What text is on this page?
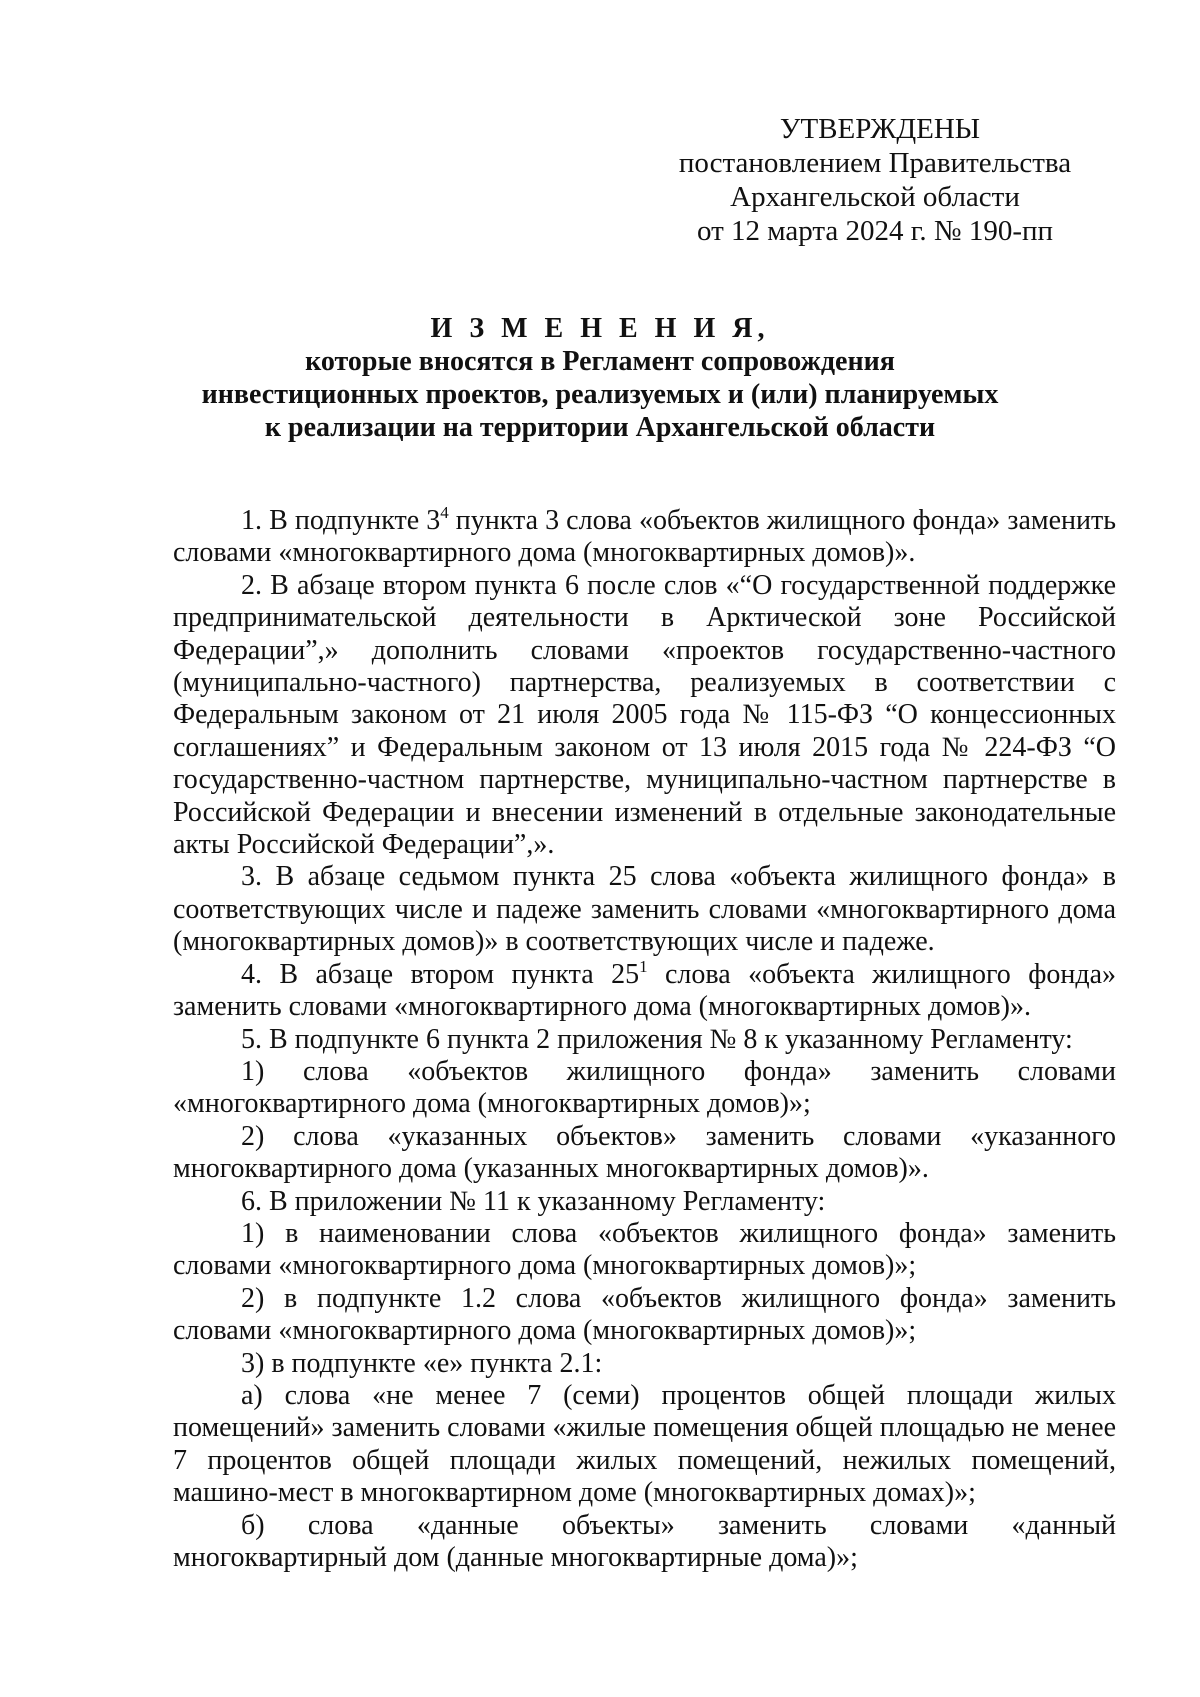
УТВЕРЖДЕНЫ
постановлением Правительства
Архангельской области
от 12 марта 2024 г. № 190-пп
И З М Е Н Е Н И Я,
которые вносятся в Регламент сопровождения
инвестиционных проектов, реализуемых и (или) планируемых
к реализации на территории Архангельской области

1. В подпункте $3^4$ пункта 3 слова «объектов жилищного фонда» заменить словами «многоквартирного дома (многоквартирных домов)».

2. В абзаце втором пункта 6 после слов «“О государственной поддержке предпринимательской деятельности в Арктической зоне Российской Федерации”,» дополнить словами «проектов государственно-частного (муниципально-частного) партнерства, реализуемых в соответствии с Федеральным законом от 21 июля 2005 года № 115-ФЗ “О концессионных соглашениях” и Федеральным законом от 13 июля 2015 года № 224-ФЗ “О государственно-частном партнерстве, муниципально-частном партнерстве в Российской Федерации и внесении изменений в отдельные законодательные акты Российской Федерации”,».

3. В абзаце седьмом пункта 25 слова «объекта жилищного фонда» в соответствующих числе и падеже заменить словами «многоквартирного дома (многоквартирных домов)» в соответствующих числе и падеже.

4. В абзаце втором пункта $25^1$ слова «объекта жилищного фонда» заменить словами «многоквартирного дома (многоквартирных домов)».

5. В подпункте 6 пункта 2 приложения № 8 к указанному Регламенту:

1) слова «объектов жилищного фонда» заменить словами «многоквартирного дома (многоквартирных домов)»;

2) слова «указанных объектов» заменить словами «указанного многоквартирного дома (указанных многоквартирных домов)».

6. В приложении № 11 к указанному Регламенту:

1) в наименовании слова «объектов жилищного фонда» заменить словами «многоквартирного дома (многоквартирных домов)»;

2) в подпункте 1.2 слова «объектов жилищного фонда» заменить словами «многоквартирного дома (многоквартирных домов)»;

3) в подпункте «е» пункта 2.1:

а) слова «не менее 7 (семи) процентов общей площади жилых помещений» заменить словами «жилые помещения общей площадью не менее 7 процентов общей площади жилых помещений, нежилых помещений, машино-мест в многоквартирном доме (многоквартирных домах)»;

б) слова «данные объекты» заменить словами «данный многоквартирный дом (данные многоквартирные дома)»;
